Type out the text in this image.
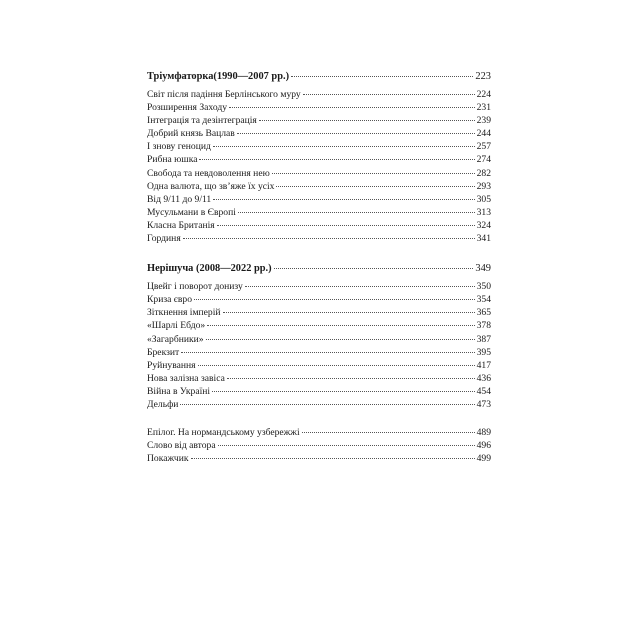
Тріумфаторка(1990—2007 рр.)	223
Світ після падіння Берлінського муру	224
Розширення Заходу	231
Інтеграція та дезінтеграція	239
Добрий князь Вацлав	244
І знову геноцид	257
Рибна юшка	274
Свобода та невдоволення нею	282
Одна валюта, що зв’яже їх усіх	293
Від 9/11 до 9/11	305
Мусульмани в Європі	313
Класна Британія	324
Гординя	341
Нерішуча (2008—2022 рр.)	349
Цвейг і поворот донизу	350
Криза євро	354
Зіткнення імперій	365
«Шарлі Ебдо»	378
«Загарбники»	387
Брекзит	395
Руйнування	417
Нова залізна завіса	436
Війна в Україні	454
Дельфи	473
Епілог. На нормандському узбережжі	489
Слово від автора	496
Покажчик	499
